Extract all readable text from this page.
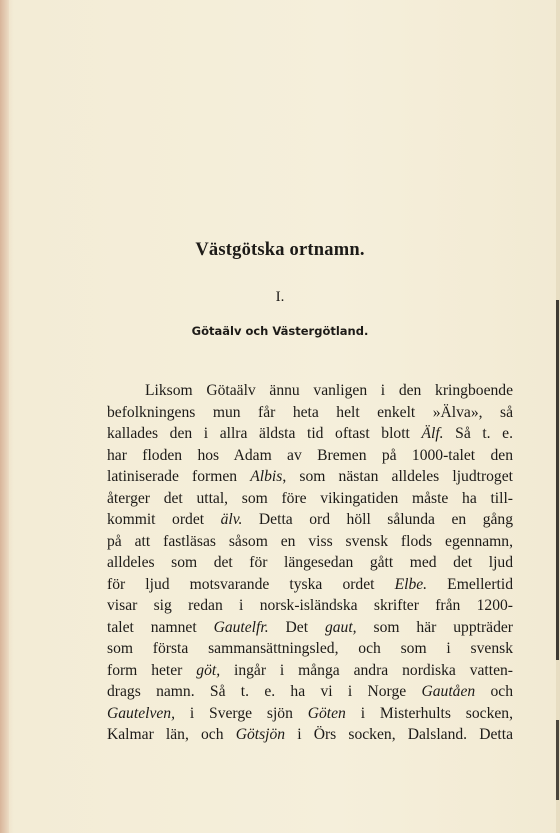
Västgötska ortnamn.
I.
Götaälv och Västergötland.
Liksom Götaälv ännu vanligen i den kringboende
befolkningens mun får heta helt enkelt »Älva», så
kallades den i allra äldsta tid oftast blott Älf. Så t. e.
har floden hos Adam av Bremen på 1000-talet den
latiniserade formen Albis, som nästan alldeles ljudtroget
återger det uttal, som före vikingatiden måste ha till-
kommit ordet älv. Detta ord höll sålunda en gång
på att fastläsas såsom en viss svensk flods egennamn,
alldeles som det för längesedan gått med det ljud
för ljud motsvarande tyska ordet Elbe. Emellertid
visar sig redan i norsk-isländska skrifter från 1200-
talet namnet Gautelfr. Det gaut, som här uppträder
som första sammansättningsled, och som i svensk
form heter göt, ingår i många andra nordiska vatten-
drags namn. Så t. e. ha vi i Norge Gautåen och
Gautelven, i Sverge sjön Göten i Misterhults socken,
Kalmar län, och Götsjön i Örs socken, Dalsland. Detta
